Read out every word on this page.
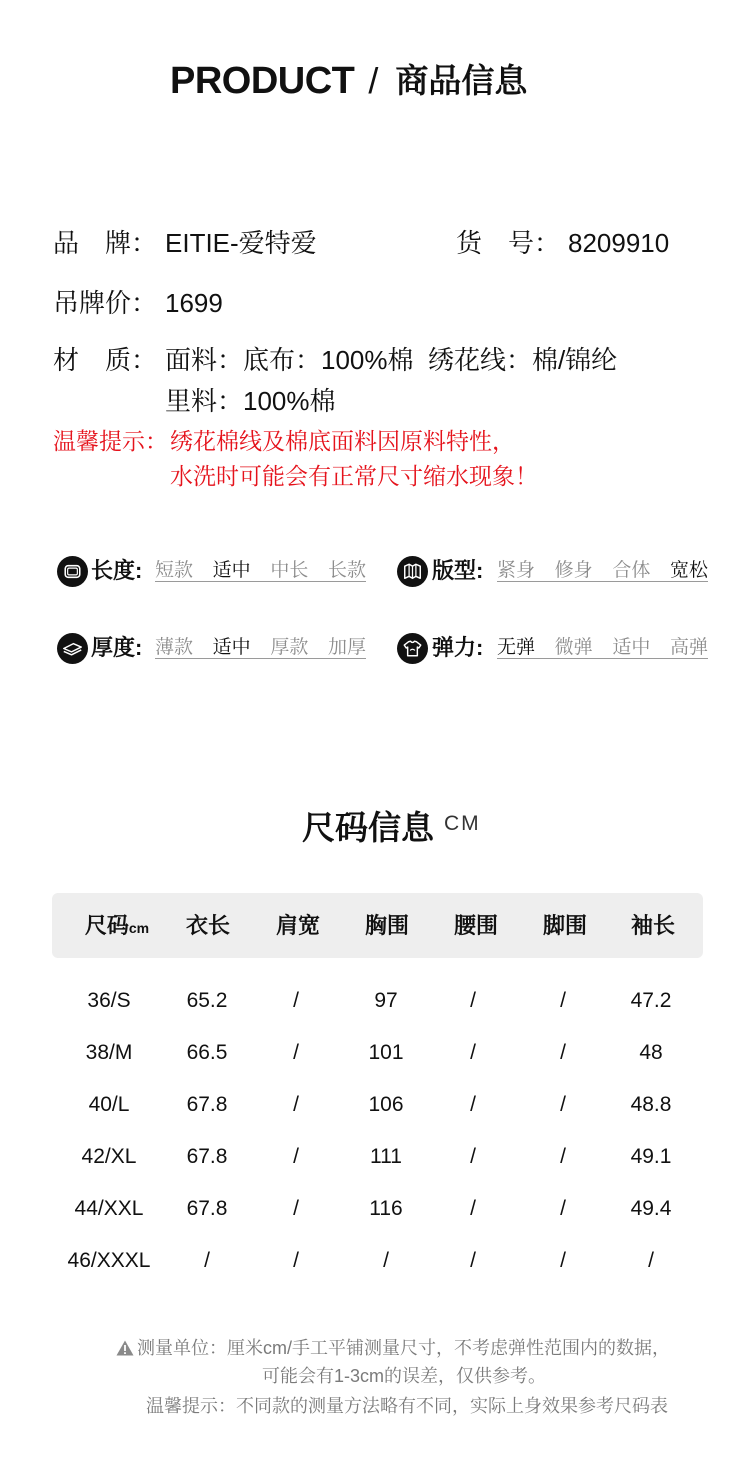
PRODUCT / 商品信息
品　牌： EITIE-爱特爱	货　号： 8209910
吊牌价： 1699
材　质： 面料：底布：100%棉  绣花线：棉/锦纶
里料：100%棉
温馨提示： 绣花棉线及棉底面料因原料特性，
水洗时可能会有正常尺寸缩水现象！
长度: 短款 适中 中长 长款	版型: 紧身 修身 合体 宽松
厚度: 薄款 适中 厚款 加厚	弹力: 无弹 微弹 适中 高弹
尺码信息 CM
尺码cm	衣长	肩宽	胸围	腰围	脚围	袖长
36/S	65.2	/	97	/	/	47.2
38/M	66.5	/	101	/	/	48
40/L	67.8	/	106	/	/	48.8
42/XL	67.8	/	111	/	/	49.1
44/XXL	67.8	/	116	/	/	49.4
46/XXXL	/	/	/	/	/	/
测量单位：厘米cm/手工平铺测量尺寸，不考虑弹性范围内的数据，
可能会有1-3cm的误差，仅供参考。
温馨提示：不同款的测量方法略有不同，实际上身效果参考尺码表
